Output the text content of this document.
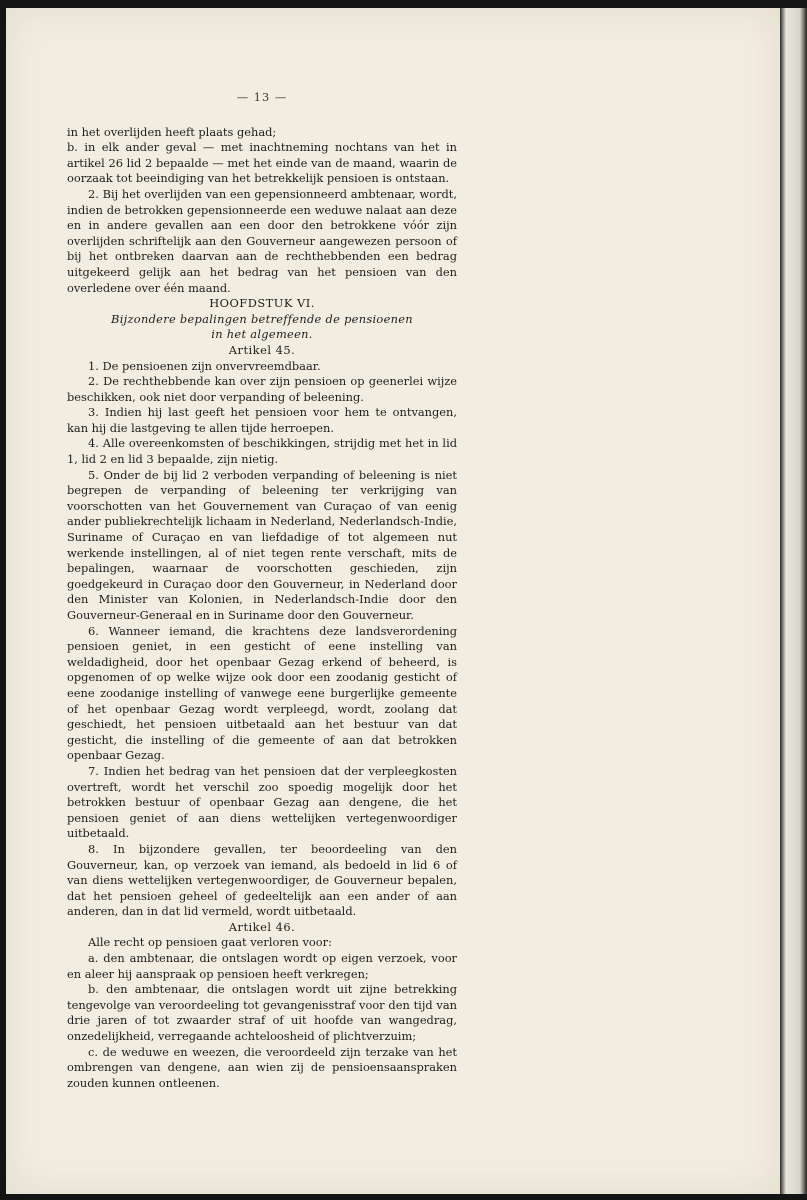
— 13 —

in het overlijden heeft plaats gehad;

b. in elk ander geval — met inachtneming nochtans van het in artikel 26 lid 2 bepaalde — met het einde van de maand, waarin de oorzaak tot beeindiging van het betrekkelijk pensioen is ontstaan.

2. Bij het overlijden van een gepensionneerd ambtenaar, wordt, indien de betrokken gepensionneerde een weduwe nalaat aan deze en in andere gevallen aan een door den betrokkene vóór zijn overlijden schriftelijk aan den Gouverneur aangewezen persoon of bij het ontbreken daarvan aan de rechthebbenden een bedrag uitgekeerd gelijk aan het bedrag van het pensioen van den overledene over één maand.

HOOFDSTUK VI.

Bijzondere bepalingen betreffende de pensioenen
in het algemeen.

Artikel 45.

1. De pensioenen zijn onvervreemdbaar.

2. De rechthebbende kan over zijn pensioen op geenerlei wijze beschikken, ook niet door verpanding of beleening.

3. Indien hij last geeft het pensioen voor hem te ontvangen, kan hij die lastgeving te allen tijde herroepen.

4. Alle overeenkomsten of beschikkingen, strijdig met het in lid 1, lid 2 en lid 3 bepaalde, zijn nietig.

5. Onder de bij lid 2 verboden verpanding of beleening is niet begrepen de verpanding of beleening ter verkrijging van voorschotten van het Gouvernement van Curaçao of van eenig ander publiekrechtelijk lichaam in Nederland, Nederlandsch-Indie, Suriname of Curaçao en van liefdadige of tot algemeen nut werkende instellingen, al of niet tegen rente verschaft, mits de bepalingen, waarnaar de voorschotten geschieden, zijn goedgekeurd in Curaçao door den Gouverneur, in Nederland door den Minister van Kolonien, in Nederlandsch-Indie door den Gouverneur-Generaal en in Suriname door den Gouverneur.

6. Wanneer iemand, die krachtens deze landsverordening pensioen geniet, in een gesticht of eene instelling van weldadigheid, door het openbaar Gezag erkend of beheerd, is opgenomen of op welke wijze ook door een zoodanig gesticht of eene zoodanige instelling of vanwege eene burgerlijke gemeente of het openbaar Gezag wordt verpleegd, wordt, zoolang dat geschiedt, het pensioen uitbetaald aan het bestuur van dat gesticht, die instelling of die gemeente of aan dat betrokken openbaar Gezag.

7. Indien het bedrag van het pensioen dat der verpleegkosten overtreft, wordt het verschil zoo spoedig mogelijk door het betrokken bestuur of openbaar Gezag aan dengene, die het pensioen geniet of aan diens wettelijken vertegenwoordiger uitbetaald.

8. In bijzondere gevallen, ter beoordeeling van den Gouverneur, kan, op verzoek van iemand, als bedoeld in lid 6 of van diens wettelijken vertegenwoordiger, de Gouverneur bepalen, dat het pensioen geheel of gedeeltelijk aan een ander of aan anderen, dan in dat lid vermeld, wordt uitbetaald.

Artikel 46.

Alle recht op pensioen gaat verloren voor:

a. den ambtenaar, die ontslagen wordt op eigen verzoek, voor en aleer hij aanspraak op pensioen heeft verkregen;

b. den ambtenaar, die ontslagen wordt uit zijne betrekking tengevolge van veroordeeling tot gevangenisstraf voor den tijd van drie jaren of tot zwaarder straf of uit hoofde van wangedrag, onzedelijkheid, verregaande achteloosheid of plichtverzuim;

c. de weduwe en weezen, die veroordeeld zijn terzake van het ombrengen van dengene, aan wien zij de pensioensaanspraken zouden kunnen ontleenen.
